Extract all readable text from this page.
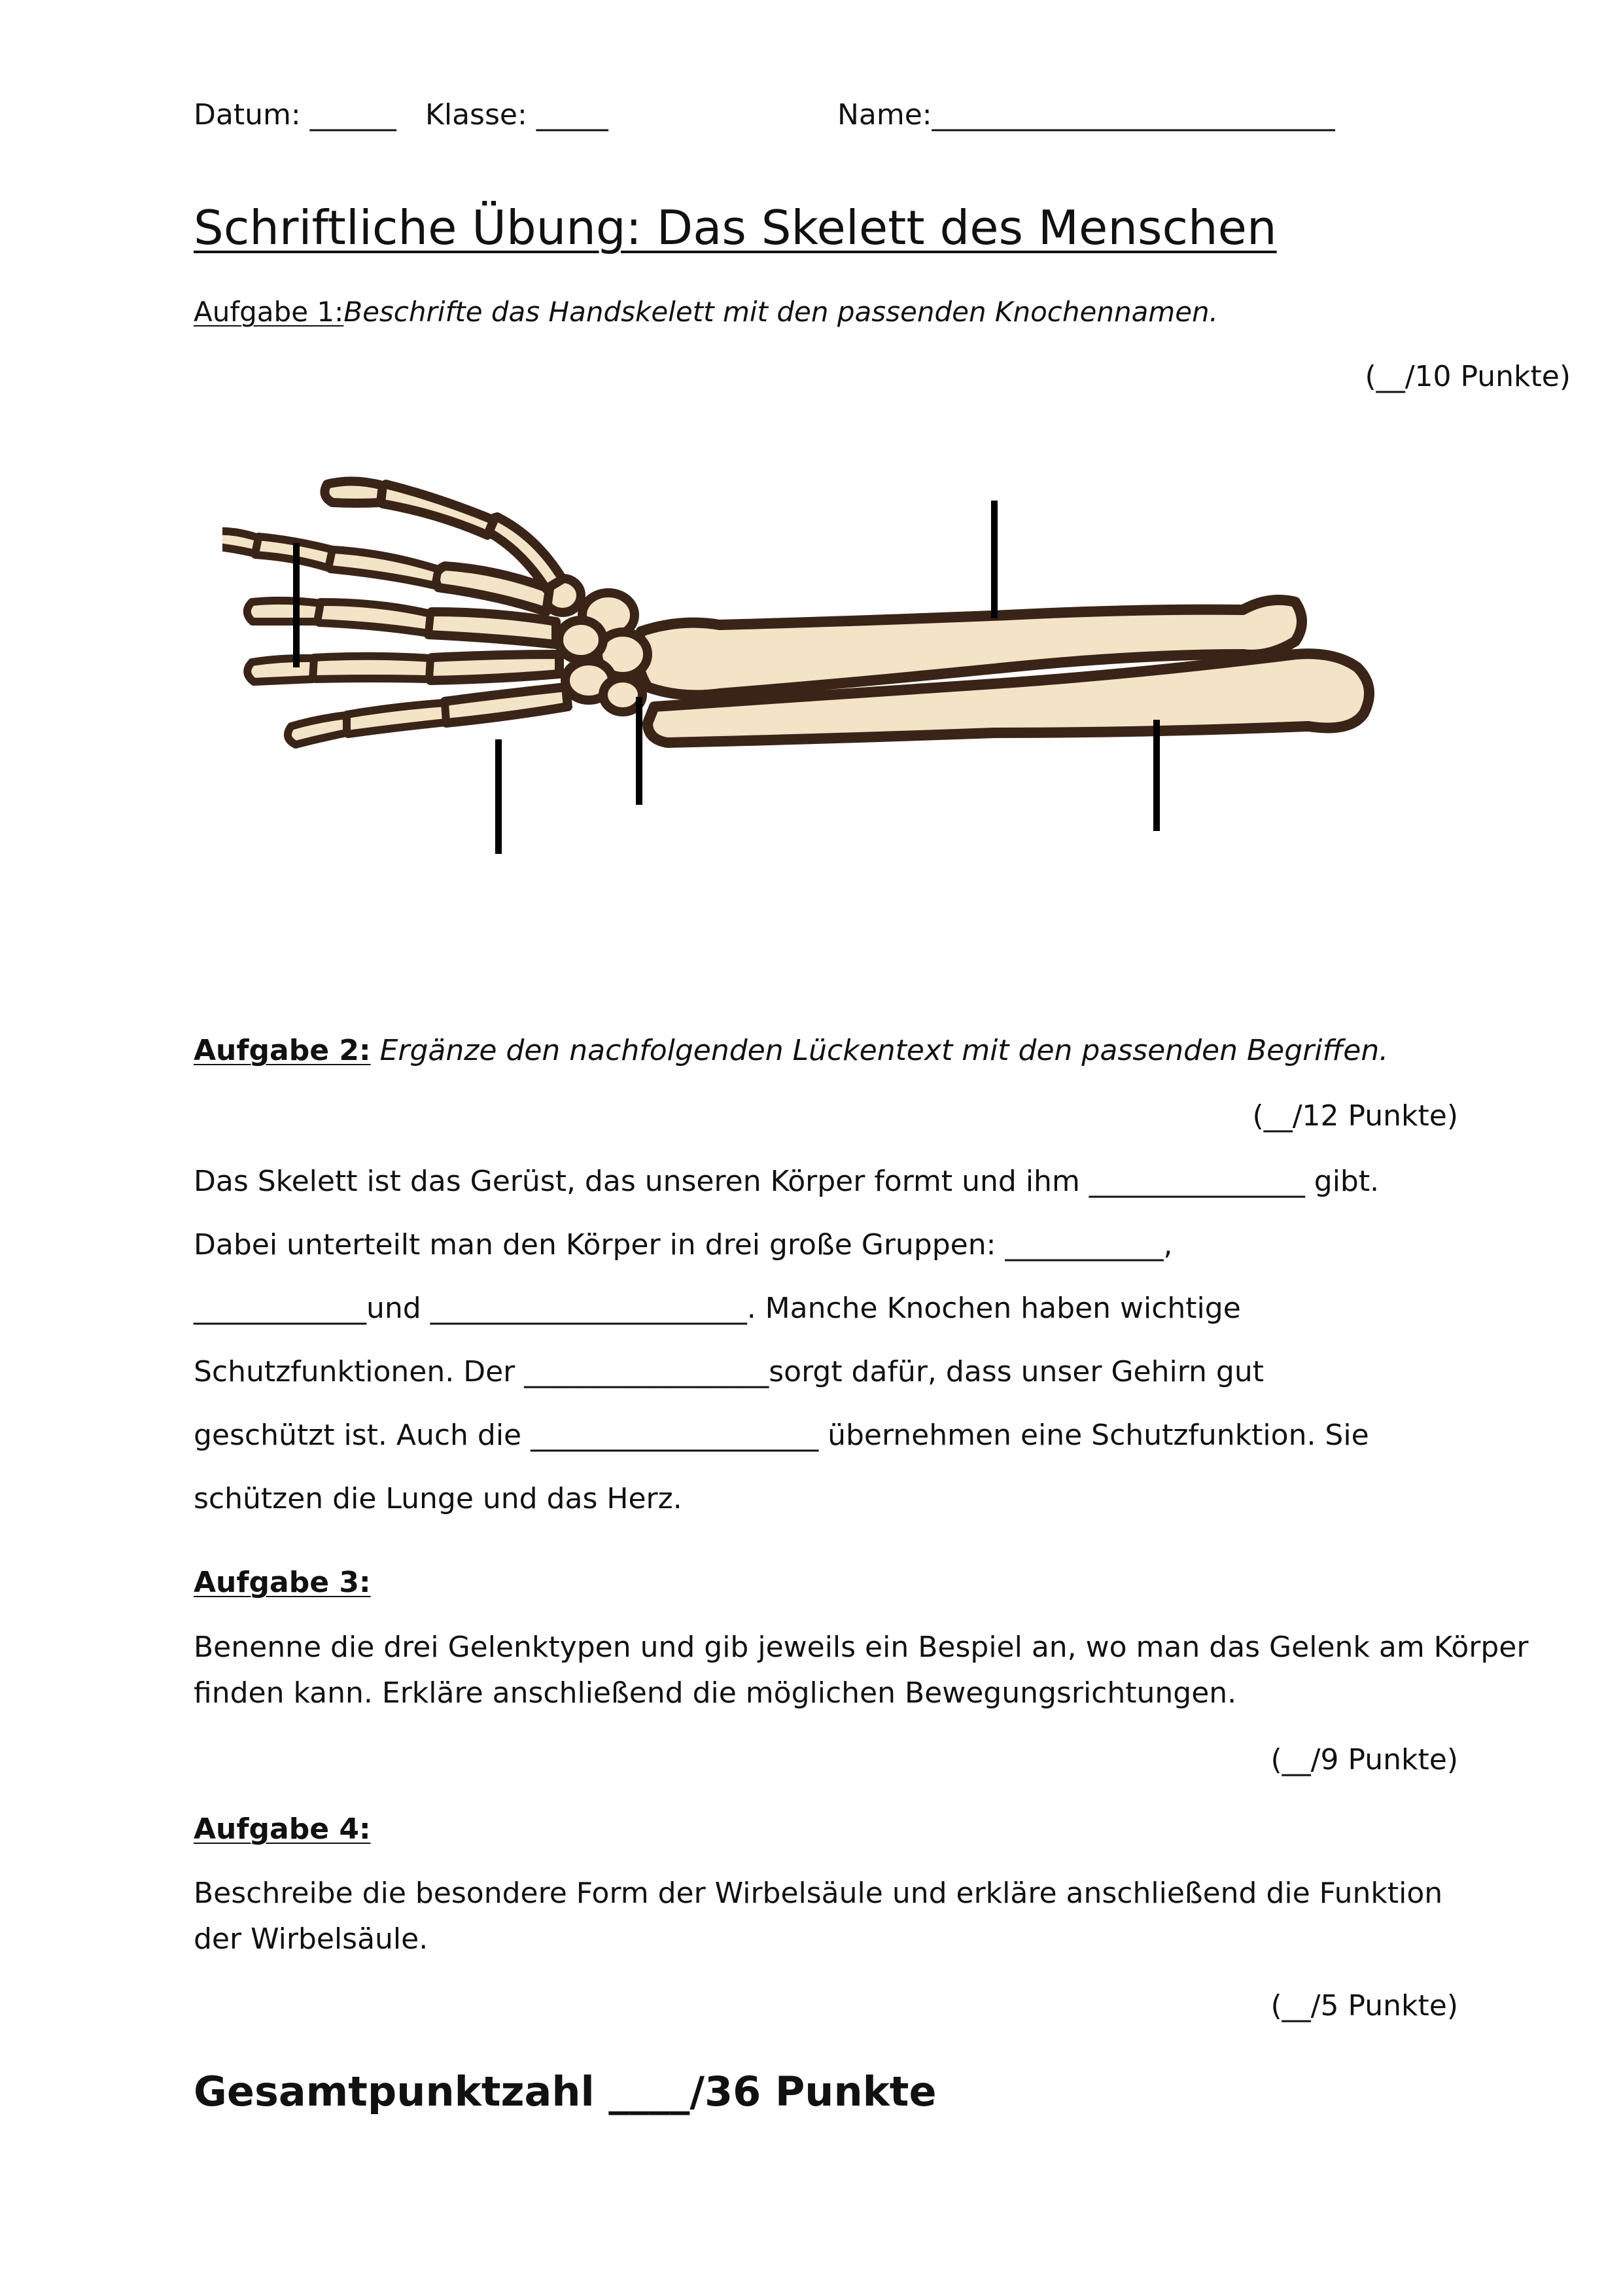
Datum: ______ Klasse: _____	Name:____________________________
Schriftliche Übung: Das Skelett des Menschen
Aufgabe 1:Beschrifte das Handskelett mit den passenden Knochennamen.
(__/10 Punkte)
Aufgabe 2: Ergänze den nachfolgenden Lückentext mit den passenden Begriffen.
(__/12 Punkte)
Das Skelett ist das Gerüst, das unseren Körper formt und ihm _______________ gibt.
Dabei unterteilt man den Körper in drei große Gruppen: ___________,
____________und ______________________. Manche Knochen haben wichtige
Schutzfunktionen. Der _________________sorgt dafür, dass unser Gehirn gut
geschützt ist. Auch die ____________________ übernehmen eine Schutzfunktion. Sie
schützen die Lunge und das Herz.
Aufgabe 3:
Benenne die drei Gelenktypen und gib jeweils ein Bespiel an, wo man das Gelenk am Körper
finden kann. Erkläre anschließend die möglichen Bewegungsrichtungen.
(__/9 Punkte)
Aufgabe 4:
Beschreibe die besondere Form der Wirbelsäule und erkläre anschließend die Funktion
der Wirbelsäule.
(__/5 Punkte)
Gesamtpunktzahl ____/36 Punkte
